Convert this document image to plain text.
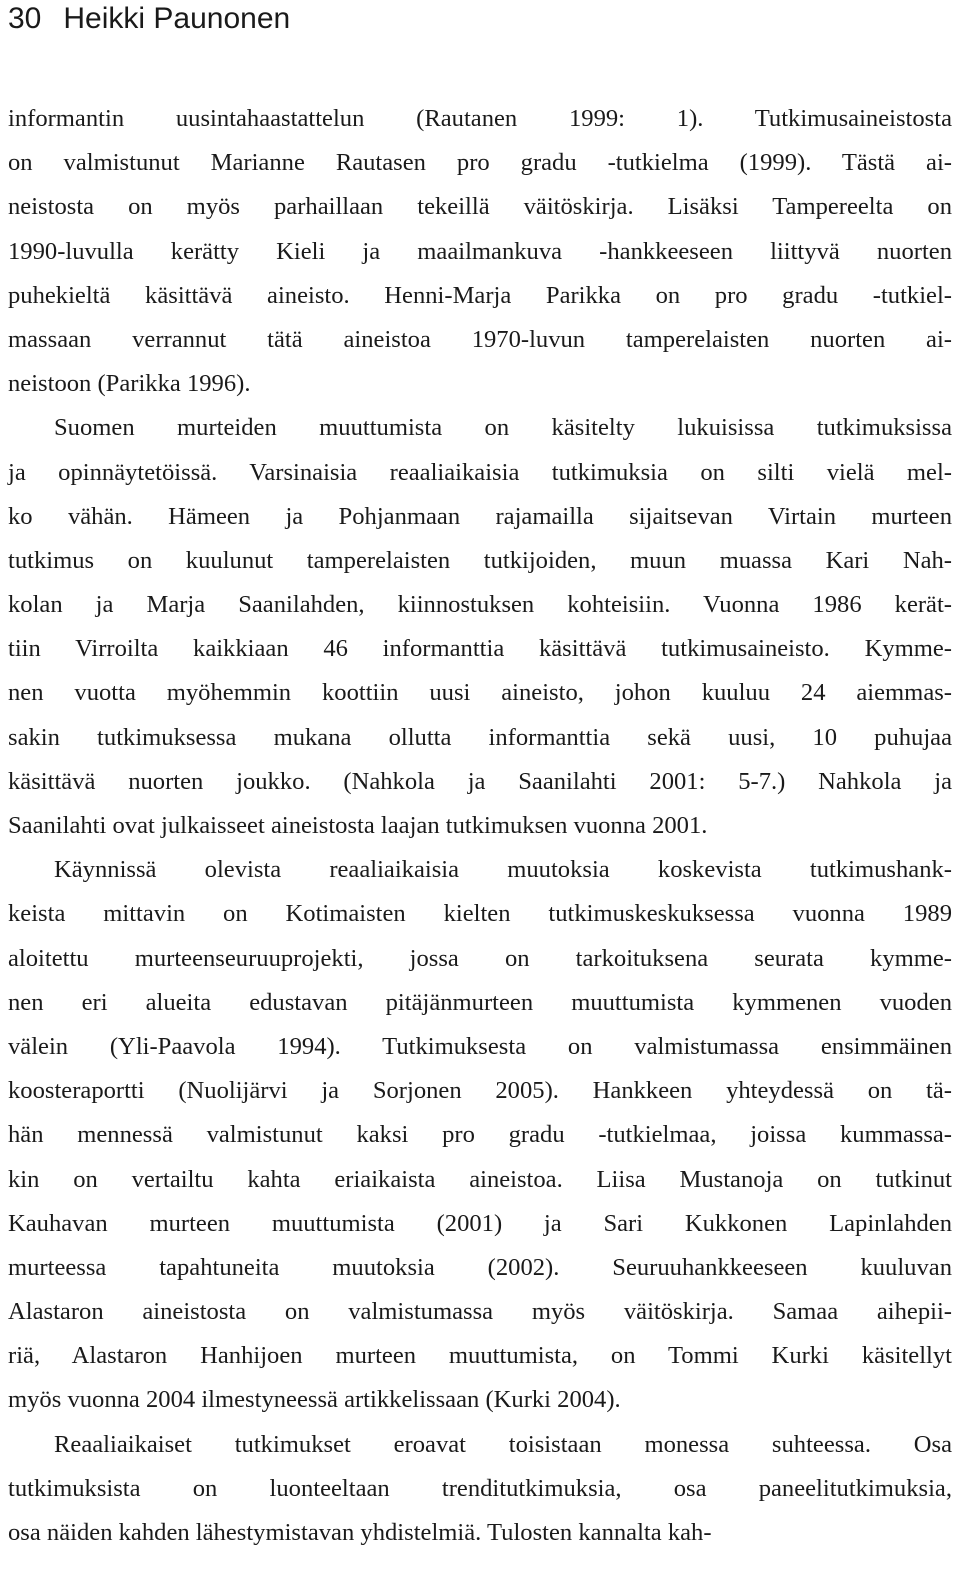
30 Heikki Paunonen
informantin uusintahaastattelun (Rautanen 1999: 1). Tutkimusaineistosta
on valmistunut Marianne Rautasen pro gradu -tutkielma (1999). Tästä ai-
neistosta on myös parhaillaan tekeillä väitöskirja. Lisäksi Tampereelta on
1990-luvulla kerätty Kieli ja maailmankuva -hankkeeseen liittyvä nuorten
puhekieltä käsittävä aineisto. Henni-Marja Parikka on pro gradu -tutkiel-
massaan verrannut tätä aineistoa 1970-luvun tamperelaisten nuorten ai-
neistoon (Parikka 1996).
Suomen murteiden muuttumista on käsitelty lukuisissa tutkimuksissa
ja opinnäytetöissä. Varsinaisia reaaliaikaisia tutkimuksia on silti vielä mel-
ko vähän. Hämeen ja Pohjanmaan rajamailla sijaitsevan Virtain murteen
tutkimus on kuulunut tamperelaisten tutkijoiden, muun muassa Kari Nah-
kolan ja Marja Saanilahden, kiinnostuksen kohteisiin. Vuonna 1986 kerät-
tiin Virroilta kaikkiaan 46 informanttia käsittävä tutkimusaineisto. Kymme-
nen vuotta myöhemmin koottiin uusi aineisto, johon kuuluu 24 aiemmas-
sakin tutkimuksessa mukana ollutta informanttia sekä uusi, 10 puhujaa
käsittävä nuorten joukko. (Nahkola ja Saanilahti 2001: 5-7.) Nahkola ja
Saanilahti ovat julkaisseet aineistosta laajan tutkimuksen vuonna 2001.
Käynnissä olevista reaaliaikaisia muutoksia koskevista tutkimushank-
keista mittavin on Kotimaisten kielten tutkimuskeskuksessa vuonna 1989
aloitettu murteenseuruuprojekti, jossa on tarkoituksena seurata kymme-
nen eri alueita edustavan pitäjänmurteen muuttumista kymmenen vuoden
välein (Yli-Paavola 1994). Tutkimuksesta on valmistumassa ensimmäinen
koosteraportti (Nuolijärvi ja Sorjonen 2005). Hankkeen yhteydessä on tä-
hän mennessä valmistunut kaksi pro gradu -tutkielmaa, joissa kummassa-
kin on vertailtu kahta eriaikaista aineistoa. Liisa Mustanoja on tutkinut
Kauhavan murteen muuttumista (2001) ja Sari Kukkonen Lapinlahden
murteessa tapahtuneita muutoksia (2002). Seuruuhankkeeseen kuuluvan
Alastaron aineistosta on valmistumassa myös väitöskirja. Samaa aihepii-
riä, Alastaron Hanhijoen murteen muuttumista, on Tommi Kurki käsitellyt
myös vuonna 2004 ilmestyneessä artikkelissaan (Kurki 2004).
Reaaliaikaiset tutkimukset eroavat toisistaan monessa suhteessa. Osa
tutkimuksista on luonteeltaan trenditutkimuksia, osa paneelitutkimuksia,
osa näiden kahden lähestymistavan yhdistelmiä. Tulosten kannalta kah-
